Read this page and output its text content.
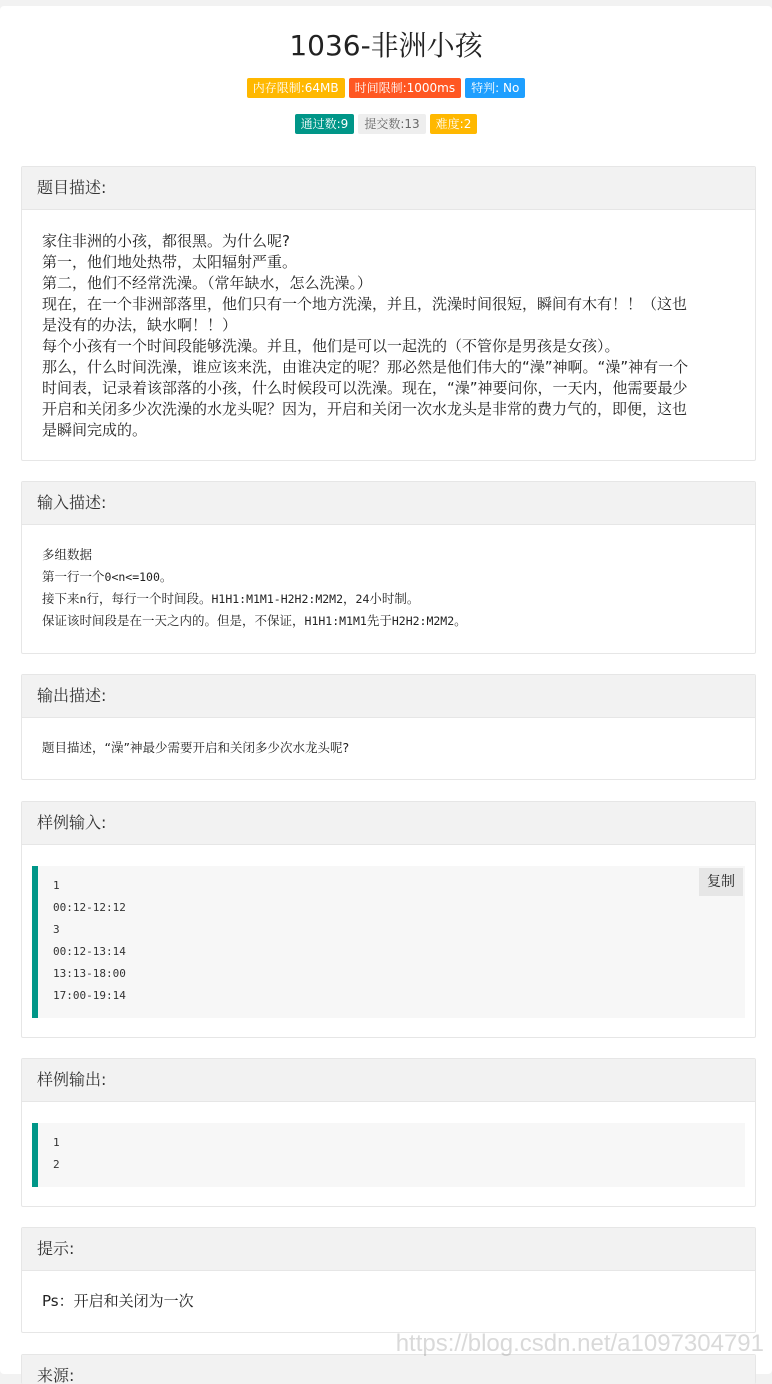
1036-非洲小孩
内存限制:64MB 时间限制:1000ms 特判: No
通过数:9 提交数:13 难度:2
题目描述:

家住非洲的小孩，都很黑。为什么呢?

第一，他们地处热带，太阳辐射严重。

第二，他们不经常洗澡。（常年缺水，怎么洗澡。）

现在，在一个非洲部落里，他们只有一个地方洗澡，并且，洗澡时间很短，瞬间有木有！！（这也

是没有的办法，缺水啊！！）

每个小孩有一个时间段能够洗澡。并且，他们是可以一起洗的（不管你是男孩是女孩）。

那么，什么时间洗澡，谁应该来洗，由谁决定的呢？那必然是他们伟大的“澡”神啊。“澡”神有一个

时间表，记录着该部落的小孩，什么时候段可以洗澡。现在，“澡”神要问你，一天内，他需要最少

开启和关闭多少次洗澡的水龙头呢？因为，开启和关闭一次水龙头是非常的费力气的，即便，这也

是瞬间完成的。

输入描述:

多组数据

第一行一个0<n<=100。

接下来n行，每行一个时间段。H1H1:M1M1-H2H2:M2M2，24小时制。

保证该时间段是在一天之内的。但是，不保证，H1H1:M1M1先于H2H2:M2M2。

输出描述:

题目描述，“澡”神最少需要开启和关闭多少次水龙头呢?

样例输入:
1
00:12-12:12
3
00:12-13:14
13:13-18:00
17:00-19:14
复制
样例输出:
1
2
提示:

Ps：开启和关闭为一次

来源:
https://blog.csdn.net/a1097304791
